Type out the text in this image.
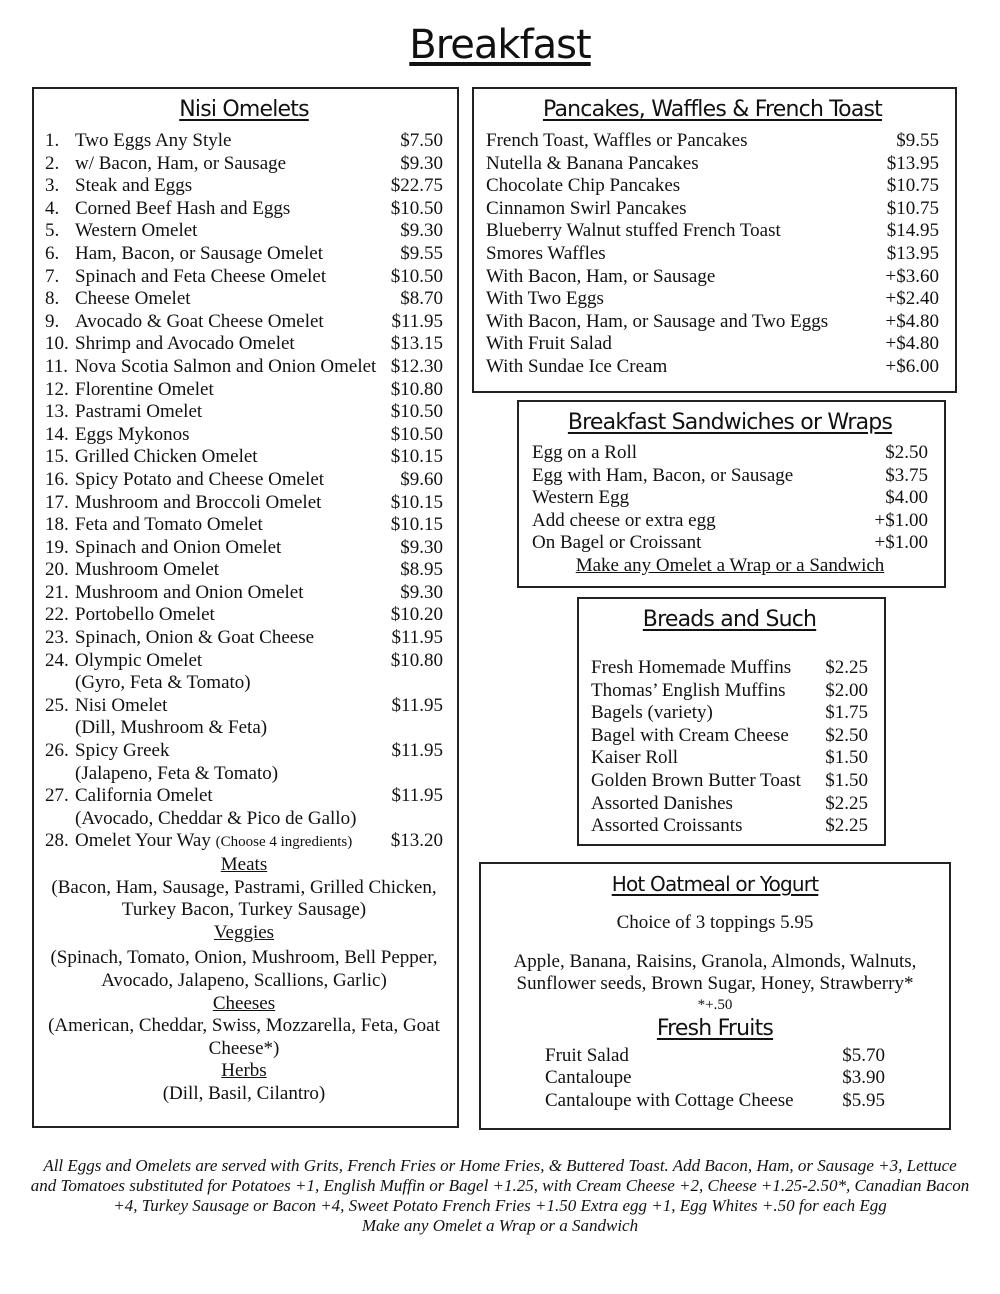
Breakfast
Nisi Omelets
1. Two Eggs Any Style	$7.50
2. w/ Bacon, Ham, or Sausage	$9.30
3. Steak and Eggs	$22.75
4. Corned Beef Hash and Eggs	$10.50
5. Western Omelet	$9.30
6. Ham, Bacon, or Sausage Omelet	$9.55
7. Spinach and Feta Cheese Omelet	$10.50
8. Cheese Omelet	$8.70
9. Avocado & Goat Cheese Omelet	$11.95
10. Shrimp and Avocado Omelet	$13.15
11. Nova Scotia Salmon and Onion Omelet $12.30
12. Florentine Omelet	$10.80
13. Pastrami Omelet	$10.50
14. Eggs Mykonos	$10.50
15. Grilled Chicken Omelet	$10.15
16. Spicy Potato and Cheese Omelet	$9.60
17. Mushroom and Broccoli Omelet	$10.15
18. Feta and Tomato Omelet	$10.15
19. Spinach and Onion Omelet	$9.30
20. Mushroom Omelet	$8.95
21. Mushroom and Onion Omelet	$9.30
22. Portobello Omelet	$10.20
23. Spinach, Onion & Goat Cheese	$11.95
24. Olympic Omelet	$10.80
(Gyro, Feta & Tomato)
25. Nisi Omelet	$11.95
(Dill, Mushroom & Feta)
26. Spicy Greek	$11.95
(Jalapeno, Feta & Tomato)
27. California Omelet	$11.95
(Avocado, Cheddar & Pico de Gallo)
28. Omelet Your Way (Choose 4 ingredients) $13.20
Meats
(Bacon, Ham, Sausage, Pastrami, Grilled Chicken, Turkey Bacon, Turkey Sausage)
Veggies
(Spinach, Tomato, Onion, Mushroom, Bell Pepper, Avocado, Jalapeno, Scallions, Garlic)
Cheeses
(American, Cheddar, Swiss, Mozzarella, Feta, Goat Cheese*)
Herbs
(Dill, Basil, Cilantro)
Pancakes, Waffles & French Toast
French Toast, Waffles or Pancakes	$9.55
Nutella & Banana Pancakes	$13.95
Chocolate Chip Pancakes	$10.75
Cinnamon Swirl Pancakes	$10.75
Blueberry Walnut stuffed French Toast	$14.95
Smores Waffles	$13.95
With Bacon, Ham, or Sausage	+$3.60
With Two Eggs	+$2.40
With Bacon, Ham, or Sausage and Two Eggs	+$4.80
With Fruit Salad	+$4.80
With Sundae Ice Cream	+$6.00
Breakfast Sandwiches or Wraps
Egg on a Roll	$2.50
Egg with Ham, Bacon, or Sausage	$3.75
Western Egg	$4.00
Add cheese or extra egg	+$1.00
On Bagel or Croissant	+$1.00
Make any Omelet a Wrap or a Sandwich
Breads and Such
Fresh Homemade Muffins $2.25
Thomas’ English Muffins $2.00
Bagels (variety)	$1.75
Bagel with Cream Cheese $2.50
Kaiser Roll	$1.50
Golden Brown Butter Toast $1.50
Assorted Danishes	$2.25
Assorted Croissants	$2.25
Hot Oatmeal or Yogurt
Choice of 3 toppings 5.95
Apple, Banana, Raisins, Granola, Almonds, Walnuts, Sunflower seeds, Brown Sugar, Honey, Strawberry*
*+.50
Fresh Fruits
Fruit Salad	$5.70
Cantaloupe	$3.90
Cantaloupe with Cottage Cheese	$5.95
All Eggs and Omelets are served with Grits, French Fries or Home Fries, & Buttered Toast. Add Bacon, Ham, or Sausage +3, Lettuce and Tomatoes substituted for Potatoes +1, English Muffin or Bagel +1.25, with Cream Cheese +2, Cheese +1.25-2.50*, Canadian Bacon +4, Turkey Sausage or Bacon +4, Sweet Potato French Fries +1.50 Extra egg +1, Egg Whites +.50 for each Egg
Make any Omelet a Wrap or a Sandwich
